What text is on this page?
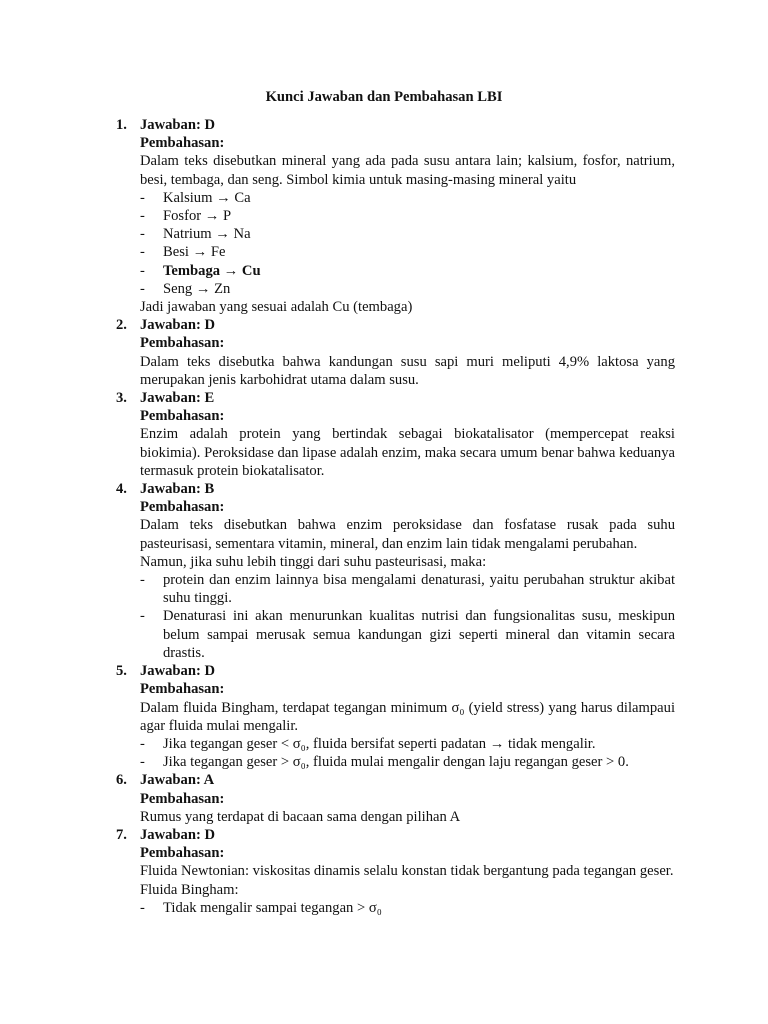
Kunci Jawaban dan Pembahasan LBI
1. Jawaban: D
Pembahasan:

Dalam teks disebutkan mineral yang ada pada susu antara lain; kalsium, fosfor, natrium, besi, tembaga, dan seng. Simbol kimia untuk masing-masing mineral yaitu

- Kalsium → Ca
- Fosfor → P
- Natrium → Na
- Besi → Fe
- Tembaga → Cu
- Seng → Zn

Jadi jawaban yang sesuai adalah Cu (tembaga)

2. Jawaban: D
Pembahasan:

Dalam teks disebutka bahwa kandungan susu sapi muri meliputi 4,9% laktosa yang merupakan jenis karbohidrat utama dalam susu.

3. Jawaban: E
Pembahasan:

Enzim adalah protein yang bertindak sebagai biokatalisator (mempercepat reaksi biokimia). Peroksidase dan lipase adalah enzim, maka secara umum benar bahwa keduanya termasuk protein biokatalisator.

4. Jawaban: B
Pembahasan:

Dalam teks disebutkan bahwa enzim peroksidase dan fosfatase rusak pada suhu pasteurisasi, sementara vitamin, mineral, dan enzim lain tidak mengalami perubahan.

Namun, jika suhu lebih tinggi dari suhu pasteurisasi, maka:

- protein dan enzim lainnya bisa mengalami denaturasi, yaitu perubahan struktur akibat suhu tinggi.
- Denaturasi ini akan menurunkan kualitas nutrisi dan fungsionalitas susu, meskipun belum sampai merusak semua kandungan gizi seperti mineral dan vitamin secara drastis.
5. Jawaban: D
Pembahasan:

Dalam fluida Bingham, terdapat tegangan minimum σ₀ (yield stress) yang harus dilampaui agar fluida mulai mengalir.

- Jika tegangan geser < σ₀, fluida bersifat seperti padatan → tidak mengalir.
- Jika tegangan geser > σ₀, fluida mulai mengalir dengan laju regangan geser > 0.
6. Jawaban: A
Pembahasan:

Rumus yang terdapat di bacaan sama dengan pilihan A

7. Jawaban: D
Pembahasan:

Fluida Newtonian: viskositas dinamis selalu konstan tidak bergantung pada tegangan geser.

Fluida Bingham:

- Tidak mengalir sampai tegangan > σ₀
